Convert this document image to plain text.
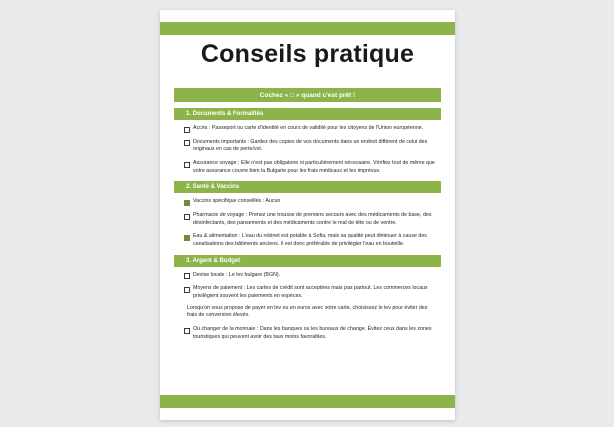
Conseils pratique
Cochez « □ » quand c'est prêt !
1. Documents & Formalités
Accès : Passeport ou carte d'identité en cours de validité pour les citoyens de l'Union européenne.
Documents importants : Gardez des copies de vos documents dans un endroit différent de celui des originaux en cas de perte/vol.
Assurance voyage : Elle n'est pas obligatoire ni particulièrement nécessaire. Vérifiez tout de même que votre assurance couvre bien la Bulgarie pour les frais médicaux et les imprévus.
2. Santé & Vaccins
Vaccins spécifique conseillés : Aucun
Pharmacie de voyage : Prenez une trousse de premiers secours avec des médicaments de base, des désinfectants, des pansements et des médicaments contre le mal de tête ou de ventre.
Eau & alimentation : L'eau du robinet est potable à Sofia, mais sa qualité peut diminuer à cause des canalisations des bâtiments anciens. Il est donc préférable de privilégier l'eau en bouteille.
3. Argent & Budget
Devise locale : Le lev bulgare (BGN).
Moyens de paiement : Les cartes de crédit sont acceptées mais pas partout. Les commerces locaux privilégient souvent les paiements en espèces.
Lorsqu'on vous propose de payer en lev ou en euros avec votre carte, choisissez le lev pour éviter des frais de conversion élevés.
Où changer de la monnaie : Dans les banques ou les bureaux de change. Évitez ceux dans les zones touristiques qui peuvent avoir des taux moins favorables.
